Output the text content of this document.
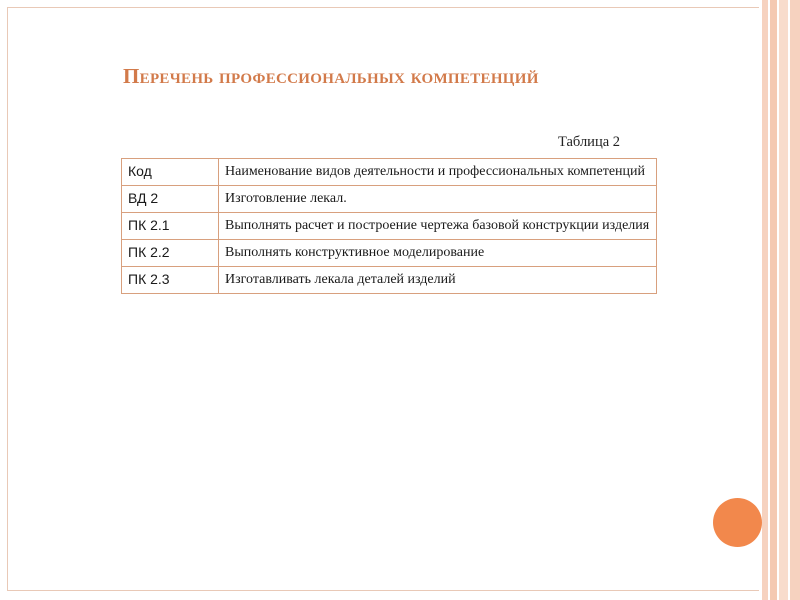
Перечень профессиональных компетенций
Таблица 2
Код	Наименование видов деятельности и профессиональных компетенций
ВД 2	Изготовление лекал.
ПК 2.1	Выполнять расчет и построение чертежа базовой конструкции изделия
ПК 2.2	Выполнять конструктивное моделирование
ПК 2.3	Изготавливать лекала деталей изделий
